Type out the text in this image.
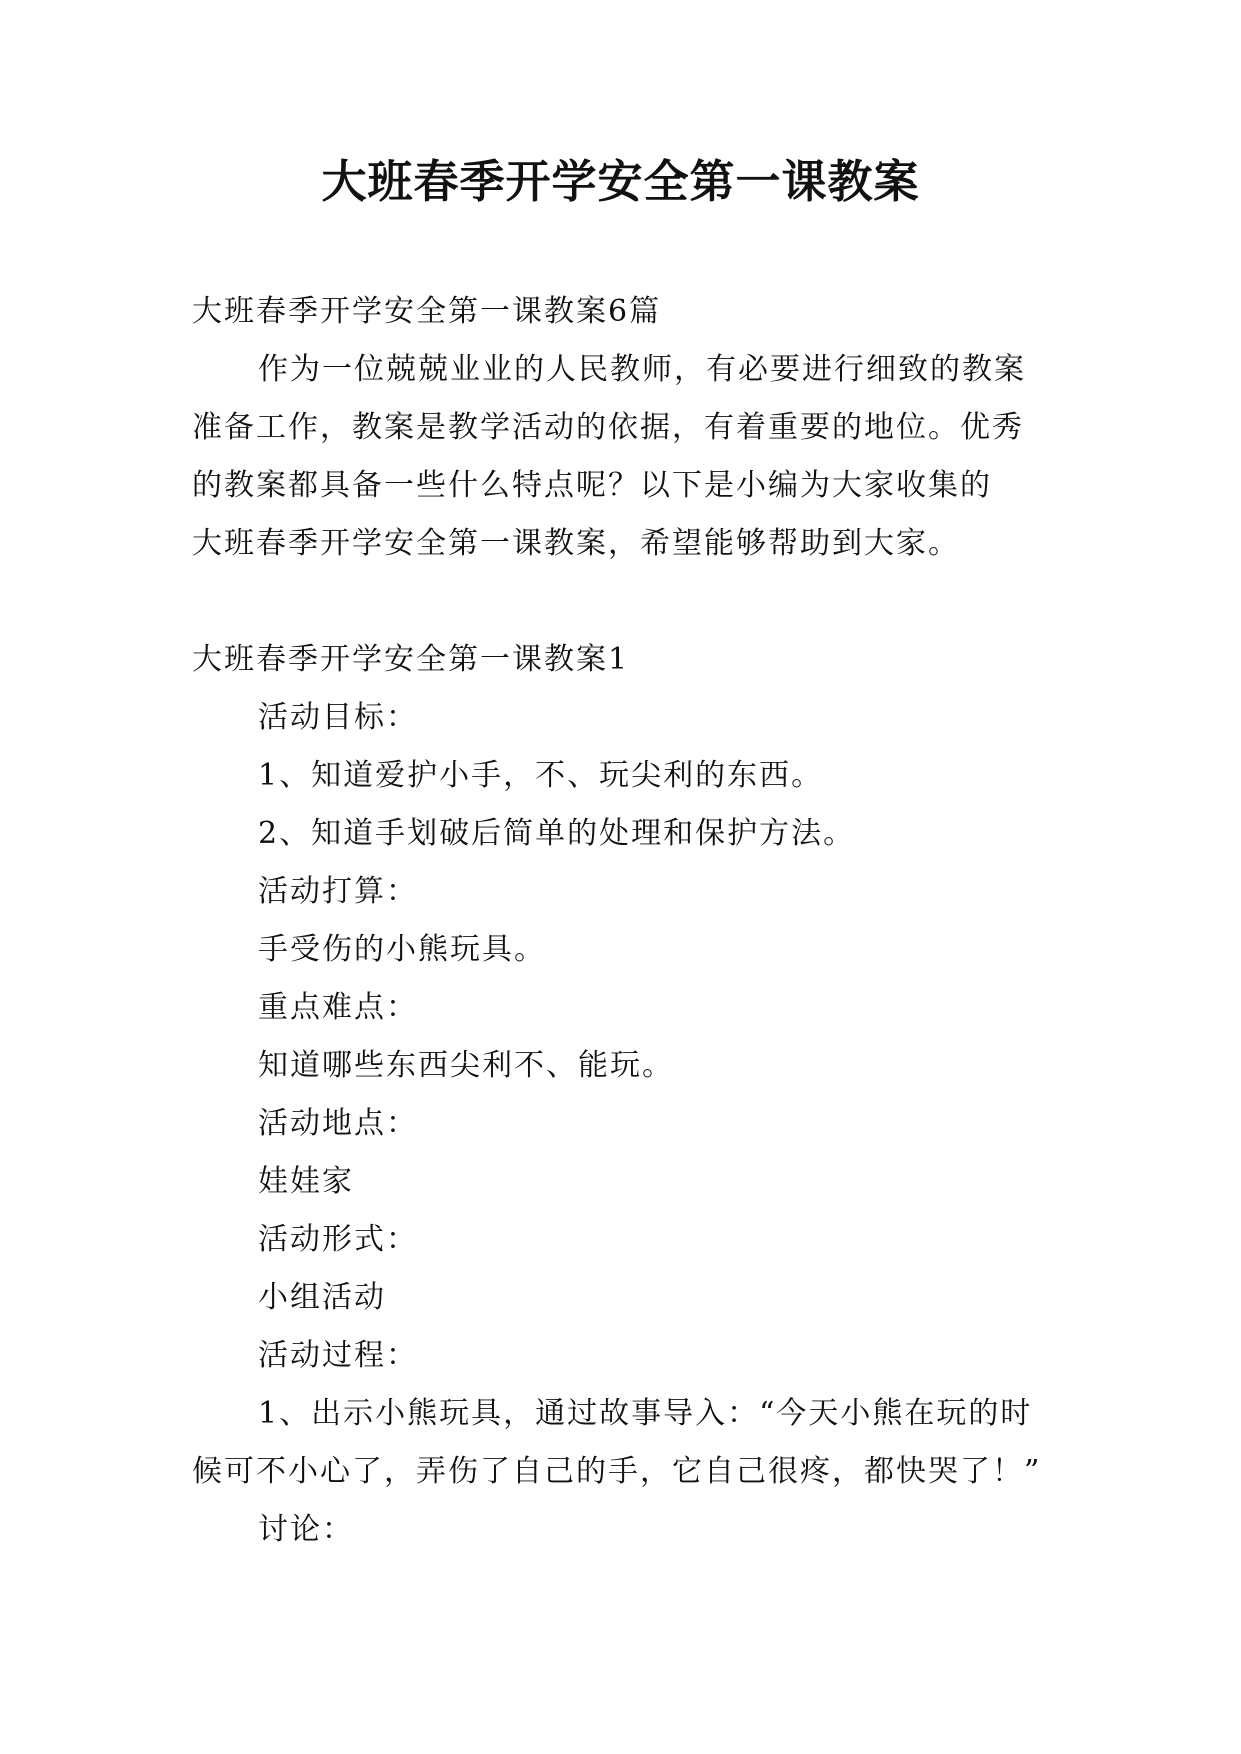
大班春季开学安全第一课教案
大班春季开学安全第一课教案6篇
作为一位兢兢业业的人民教师，有必要进行细致的教案
准备工作，教案是教学活动的依据，有着重要的地位。优秀
的教案都具备一些什么特点呢？以下是小编为大家收集的
大班春季开学安全第一课教案，希望能够帮助到大家。
大班春季开学安全第一课教案1
活动目标：
1、知道爱护小手，不、玩尖利的东西。
2、知道手划破后简单的处理和保护方法。
活动打算：
手受伤的小熊玩具。
重点难点：
知道哪些东西尖利不、能玩。
活动地点：
娃娃家
活动形式：
小组活动
活动过程：
1、出示小熊玩具，通过故事导入：“今天小熊在玩的时
候可不小心了，弄伤了自己的手，它自己很疼，都快哭了！”
讨论：
